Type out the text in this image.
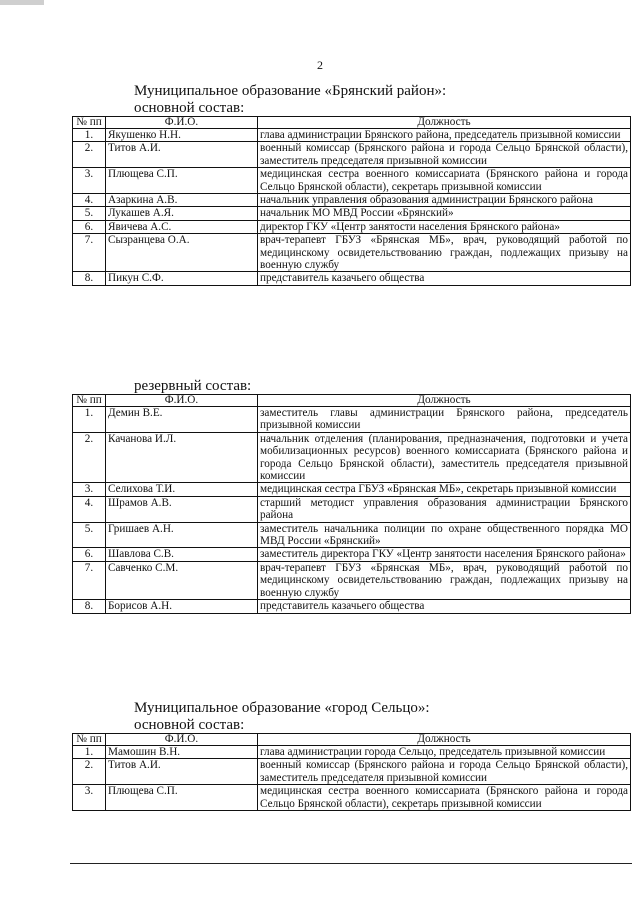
2
Муниципальное образование «Брянский район»:
основной состав:
№ пп	Ф.И.О.	Должность
1.	Якушенко Н.Н.	глава администрации Брянского района, председатель призывной комиссии
2.	Титов А.И.	военный комиссар (Брянского района и города Сельцо Брянской области), заместитель председателя призывной комиссии
3.	Плющева С.П.	медицинская сестра военного комиссариата (Брянского района и города Сельцо Брянской области), секретарь призывной комиссии
4.	Азаркина А.В.	начальник управления образования администрации Брянского района
5.	Лукашев А.Я.	начальник МО МВД России «Брянский»
6.	Явичева А.С.	директор ГКУ «Центр занятости населения Брянского района»
7.	Сызранцева О.А.	врач-терапевт ГБУЗ «Брянская МБ», врач, руководящий работой по медицинскому освидетельствованию граждан, подлежащих призыву на военную службу
8.	Пикун С.Ф.	представитель казачьего общества
резервный состав:
№ пп	Ф.И.О.	Должность
1.	Демин В.Е.	заместитель главы администрации Брянского района, председатель призывной комиссии
2.	Качанова И.Л.	начальник отделения (планирования, предназначения, подготовки и учета мобилизационных ресурсов) военного комиссариата (Брянского района и города Сельцо Брянской области), заместитель председателя призывной комиссии
3.	Селихова Т.И.	медицинская сестра ГБУЗ «Брянская МБ», секретарь призывной комиссии
4.	Шрамов А.В.	старший методист управления образования администрации Брянского района
5.	Гришаев А.Н.	заместитель начальника полиции по охране общественного порядка МО МВД России «Брянский»
6.	Шавлова С.В.	заместитель директора ГКУ «Центр занятости населения Брянского района»
7.	Савченко С.М.	врач-терапевт ГБУЗ «Брянская МБ», врач, руководящий работой по медицинскому освидетельствованию граждан, подлежащих призыву на военную службу
8.	Борисов А.Н.	представитель казачьего общества
Муниципальное образование «город Сельцо»:
основной состав:
№ пп	Ф.И.О.	Должность
1.	Мамошин В.Н.	глава администрации города Сельцо, председатель призывной комиссии
2.	Титов А.И.	военный комиссар (Брянского района и города Сельцо Брянской области), заместитель председателя призывной комиссии
3.	Плющева С.П.	медицинская сестра военного комиссариата (Брянского района и города Сельцо Брянской области), секретарь призывной комиссии
